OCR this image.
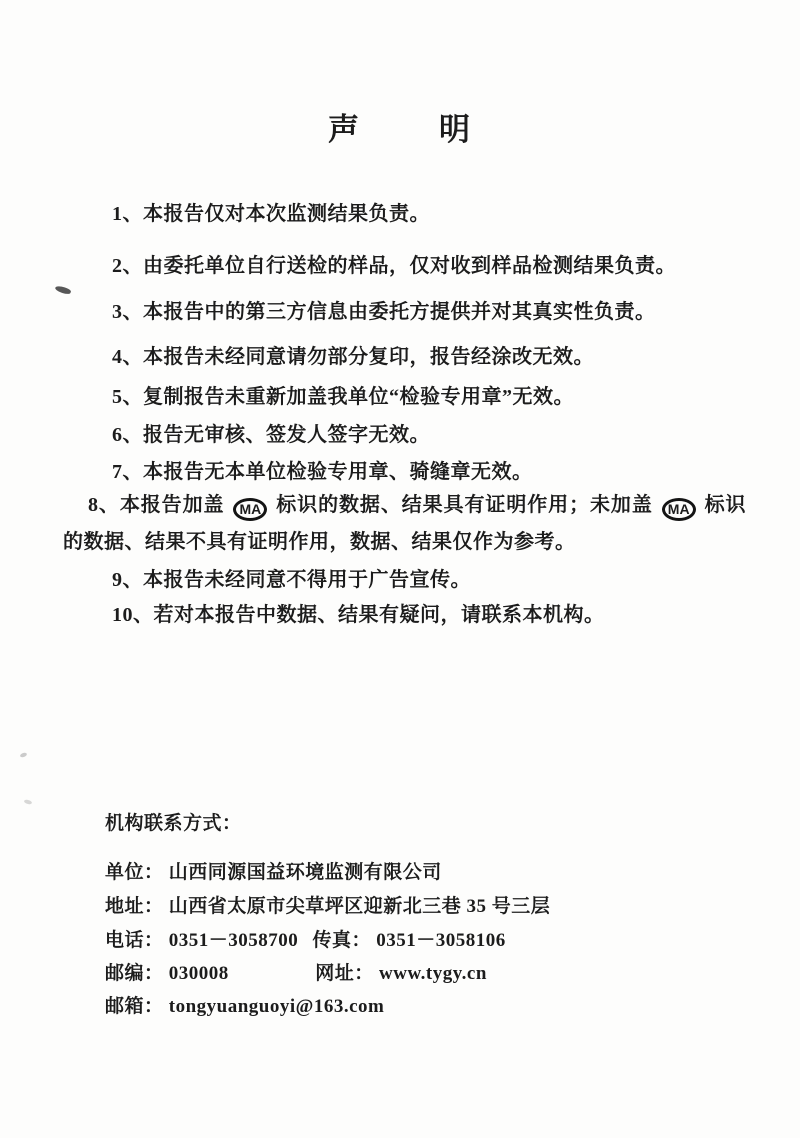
声	明

1、本报告仅对本次监测结果负责。

2、由委托单位自行送检的样品，仅对收到样品检测结果负责。

3、本报告中的第三方信息由委托方提供并对其真实性负责。

4、本报告未经同意请勿部分复印，报告经涂改无效。

5、复制报告未重新加盖我单位“检验专用章”无效。

6、报告无审核、签发人签字无效。

7、本报告无本单位检验专用章、骑缝章无效。

8、本报告加盖 MA 标识的数据、结果具有证明作用；未加盖 MA 标识的数据、结果不具有证明作用，数据、结果仅作为参考。

9、本报告未经同意不得用于广告宣传。

10、若对本报告中数据、结果有疑问，请联系本机构。

机构联系方式：

单位： 山西同源国益环境监测有限公司

地址： 山西省太原市尖草坪区迎新北三巷 35 号三层

电话： 0351－3058700 传真： 0351－3058106

邮编： 030008	网址： www.tygy.cn

邮箱： tongyuanguoyi@163.com
